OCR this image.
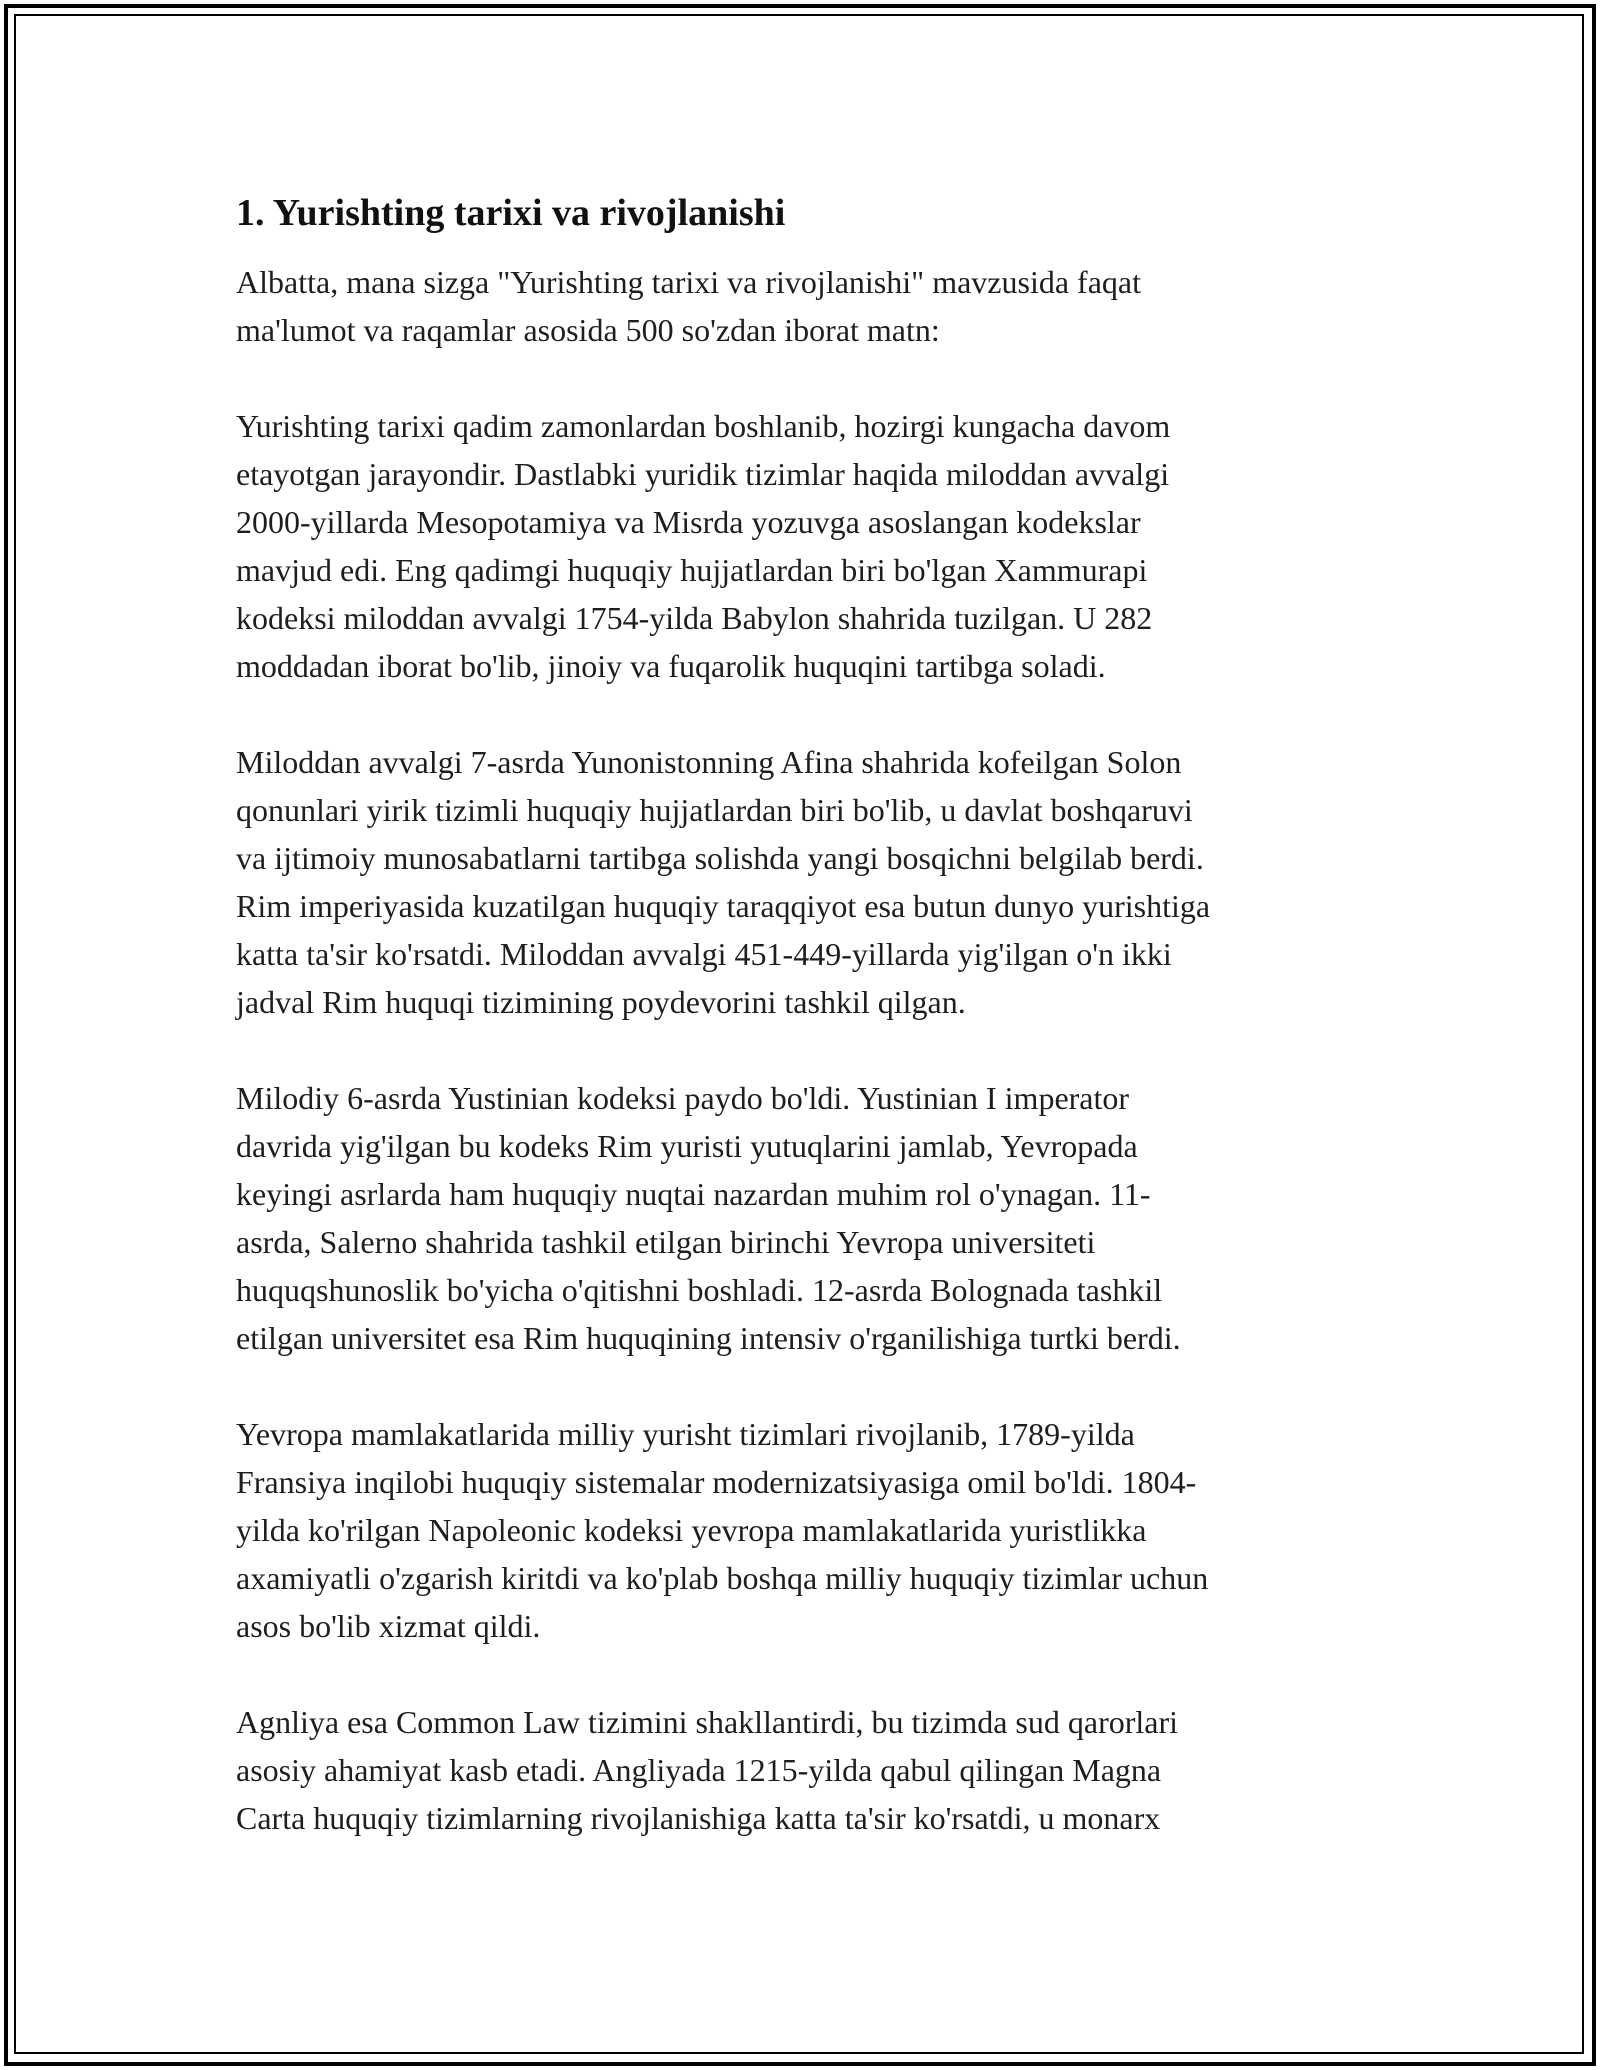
1. Yurishting tarixi va rivojlanishi

Albatta, mana sizga "Yurishting tarixi va rivojlanishi" mavzusida faqat
ma'lumot va raqamlar asosida 500 so'zdan iborat matn:

Yurishting tarixi qadim zamonlardan boshlanib, hozirgi kungacha davom
etayotgan jarayondir. Dastlabki yuridik tizimlar haqida miloddan avvalgi
2000-yillarda Mesopotamiya va Misrda yozuvga asoslangan kodekslar
mavjud edi. Eng qadimgi huquqiy hujjatlardan biri bo'lgan Xammurapi
kodeksi miloddan avvalgi 1754-yilda Babylon shahrida tuzilgan. U 282
moddadan iborat bo'lib, jinoiy va fuqarolik huquqini tartibga soladi.

Miloddan avvalgi 7-asrda Yunonistonning Afina shahrida kofeilgan Solon
qonunlari yirik tizimli huquqiy hujjatlardan biri bo'lib, u davlat boshqaruvi
va ijtimoiy munosabatlarni tartibga solishda yangi bosqichni belgilab berdi.
Rim imperiyasida kuzatilgan huquqiy taraqqiyot esa butun dunyo yurishtiga
katta ta'sir ko'rsatdi. Miloddan avvalgi 451-449-yillarda yig'ilgan o'n ikki
jadval Rim huquqi tizimining poydevorini tashkil qilgan.

Milodiy 6-asrda Yustinian kodeksi paydo bo'ldi. Yustinian I imperator
davrida yig'ilgan bu kodeks Rim yuristi yutuqlarini jamlab, Yevropada
keyingi asrlarda ham huquqiy nuqtai nazardan muhim rol o'ynagan. 11-
asrda, Salerno shahrida tashkil etilgan birinchi Yevropa universiteti
huquqshunoslik bo'yicha o'qitishni boshladi. 12-asrda Bolognada tashkil
etilgan universitet esa Rim huquqining intensiv o'rganilishiga turtki berdi.

Yevropa mamlakatlarida milliy yurisht tizimlari rivojlanib, 1789-yilda
Fransiya inqilobi huquqiy sistemalar modernizatsiyasiga omil bo'ldi. 1804-
yilda ko'rilgan Napoleonic kodeksi yevropa mamlakatlarida yuristlikka
axamiyatli o'zgarish kiritdi va ko'plab boshqa milliy huquqiy tizimlar uchun
asos bo'lib xizmat qildi.

Agnliya esa Common Law tizimini shakllantirdi, bu tizimda sud qarorlari
asosiy ahamiyat kasb etadi. Angliyada 1215-yilda qabul qilingan Magna
Carta huquqiy tizimlarning rivojlanishiga katta ta'sir ko'rsatdi, u monarx
